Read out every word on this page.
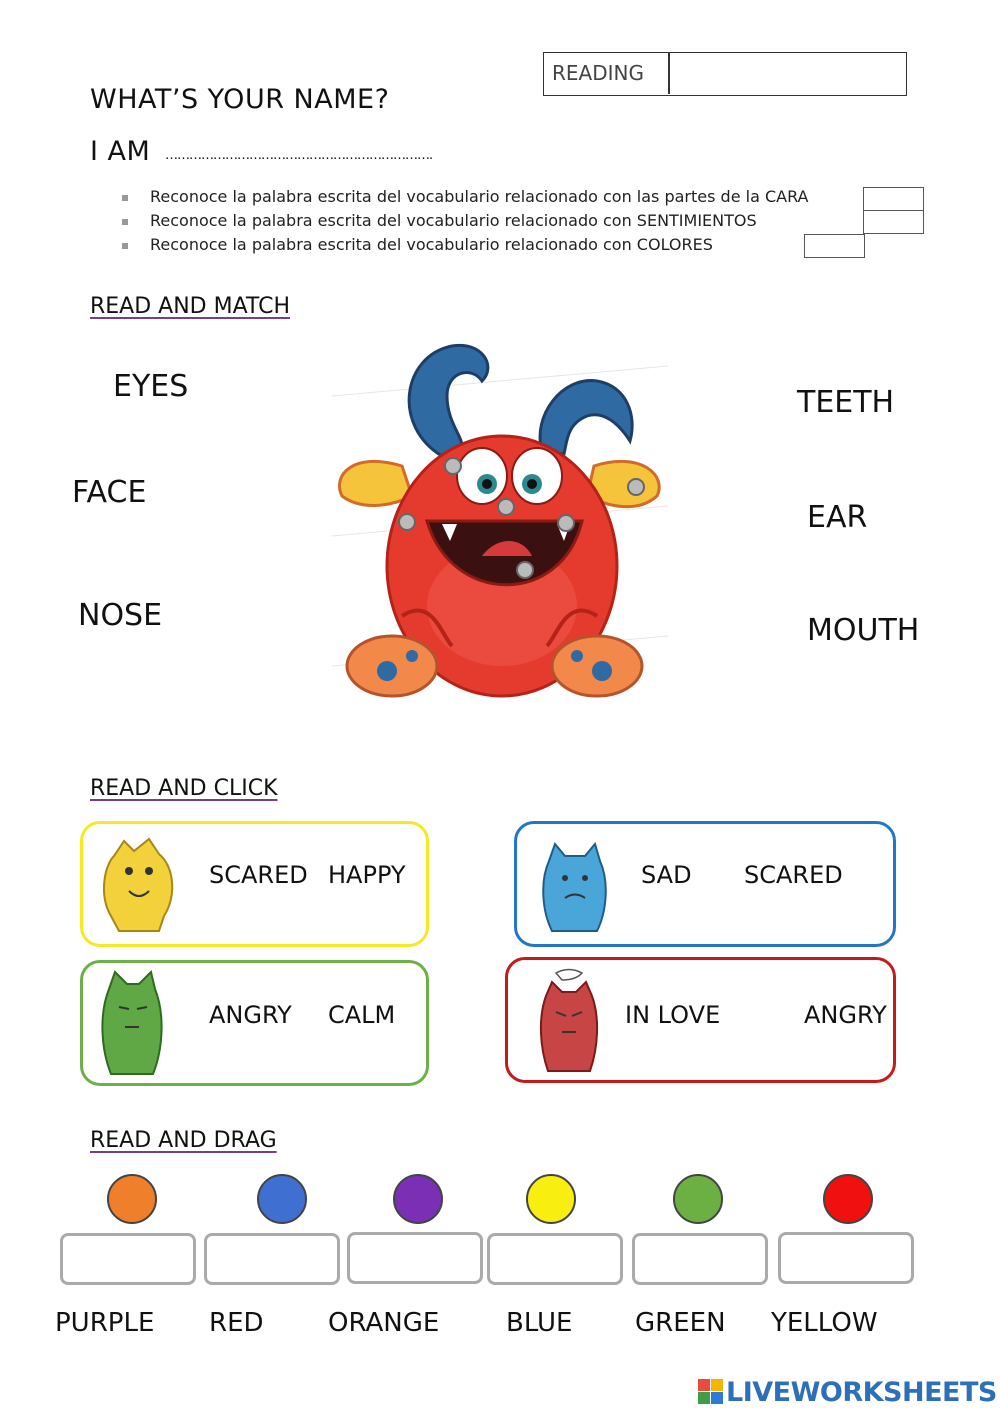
WHAT’S YOUR NAME?
I AM ………………………………………………………….
READING
Reconoce la palabra escrita del vocabulario relacionado con las partes de la CARA
Reconoce la palabra escrita del vocabulario relacionado con SENTIMIENTOS
Reconoce la palabra escrita del vocabulario relacionado con COLORES
READ AND MATCH
EYES
FACE
NOSE
TEETH
EAR
MOUTH
READ AND CLICK
SCARED HAPPY	SAD SCARED
ANGRY CALM	IN LOVE	ANGRY
READ AND DRAG
PURPLE RED ORANGE	BLUE GREEN YELLOW
LIVEWORKSHEETS
